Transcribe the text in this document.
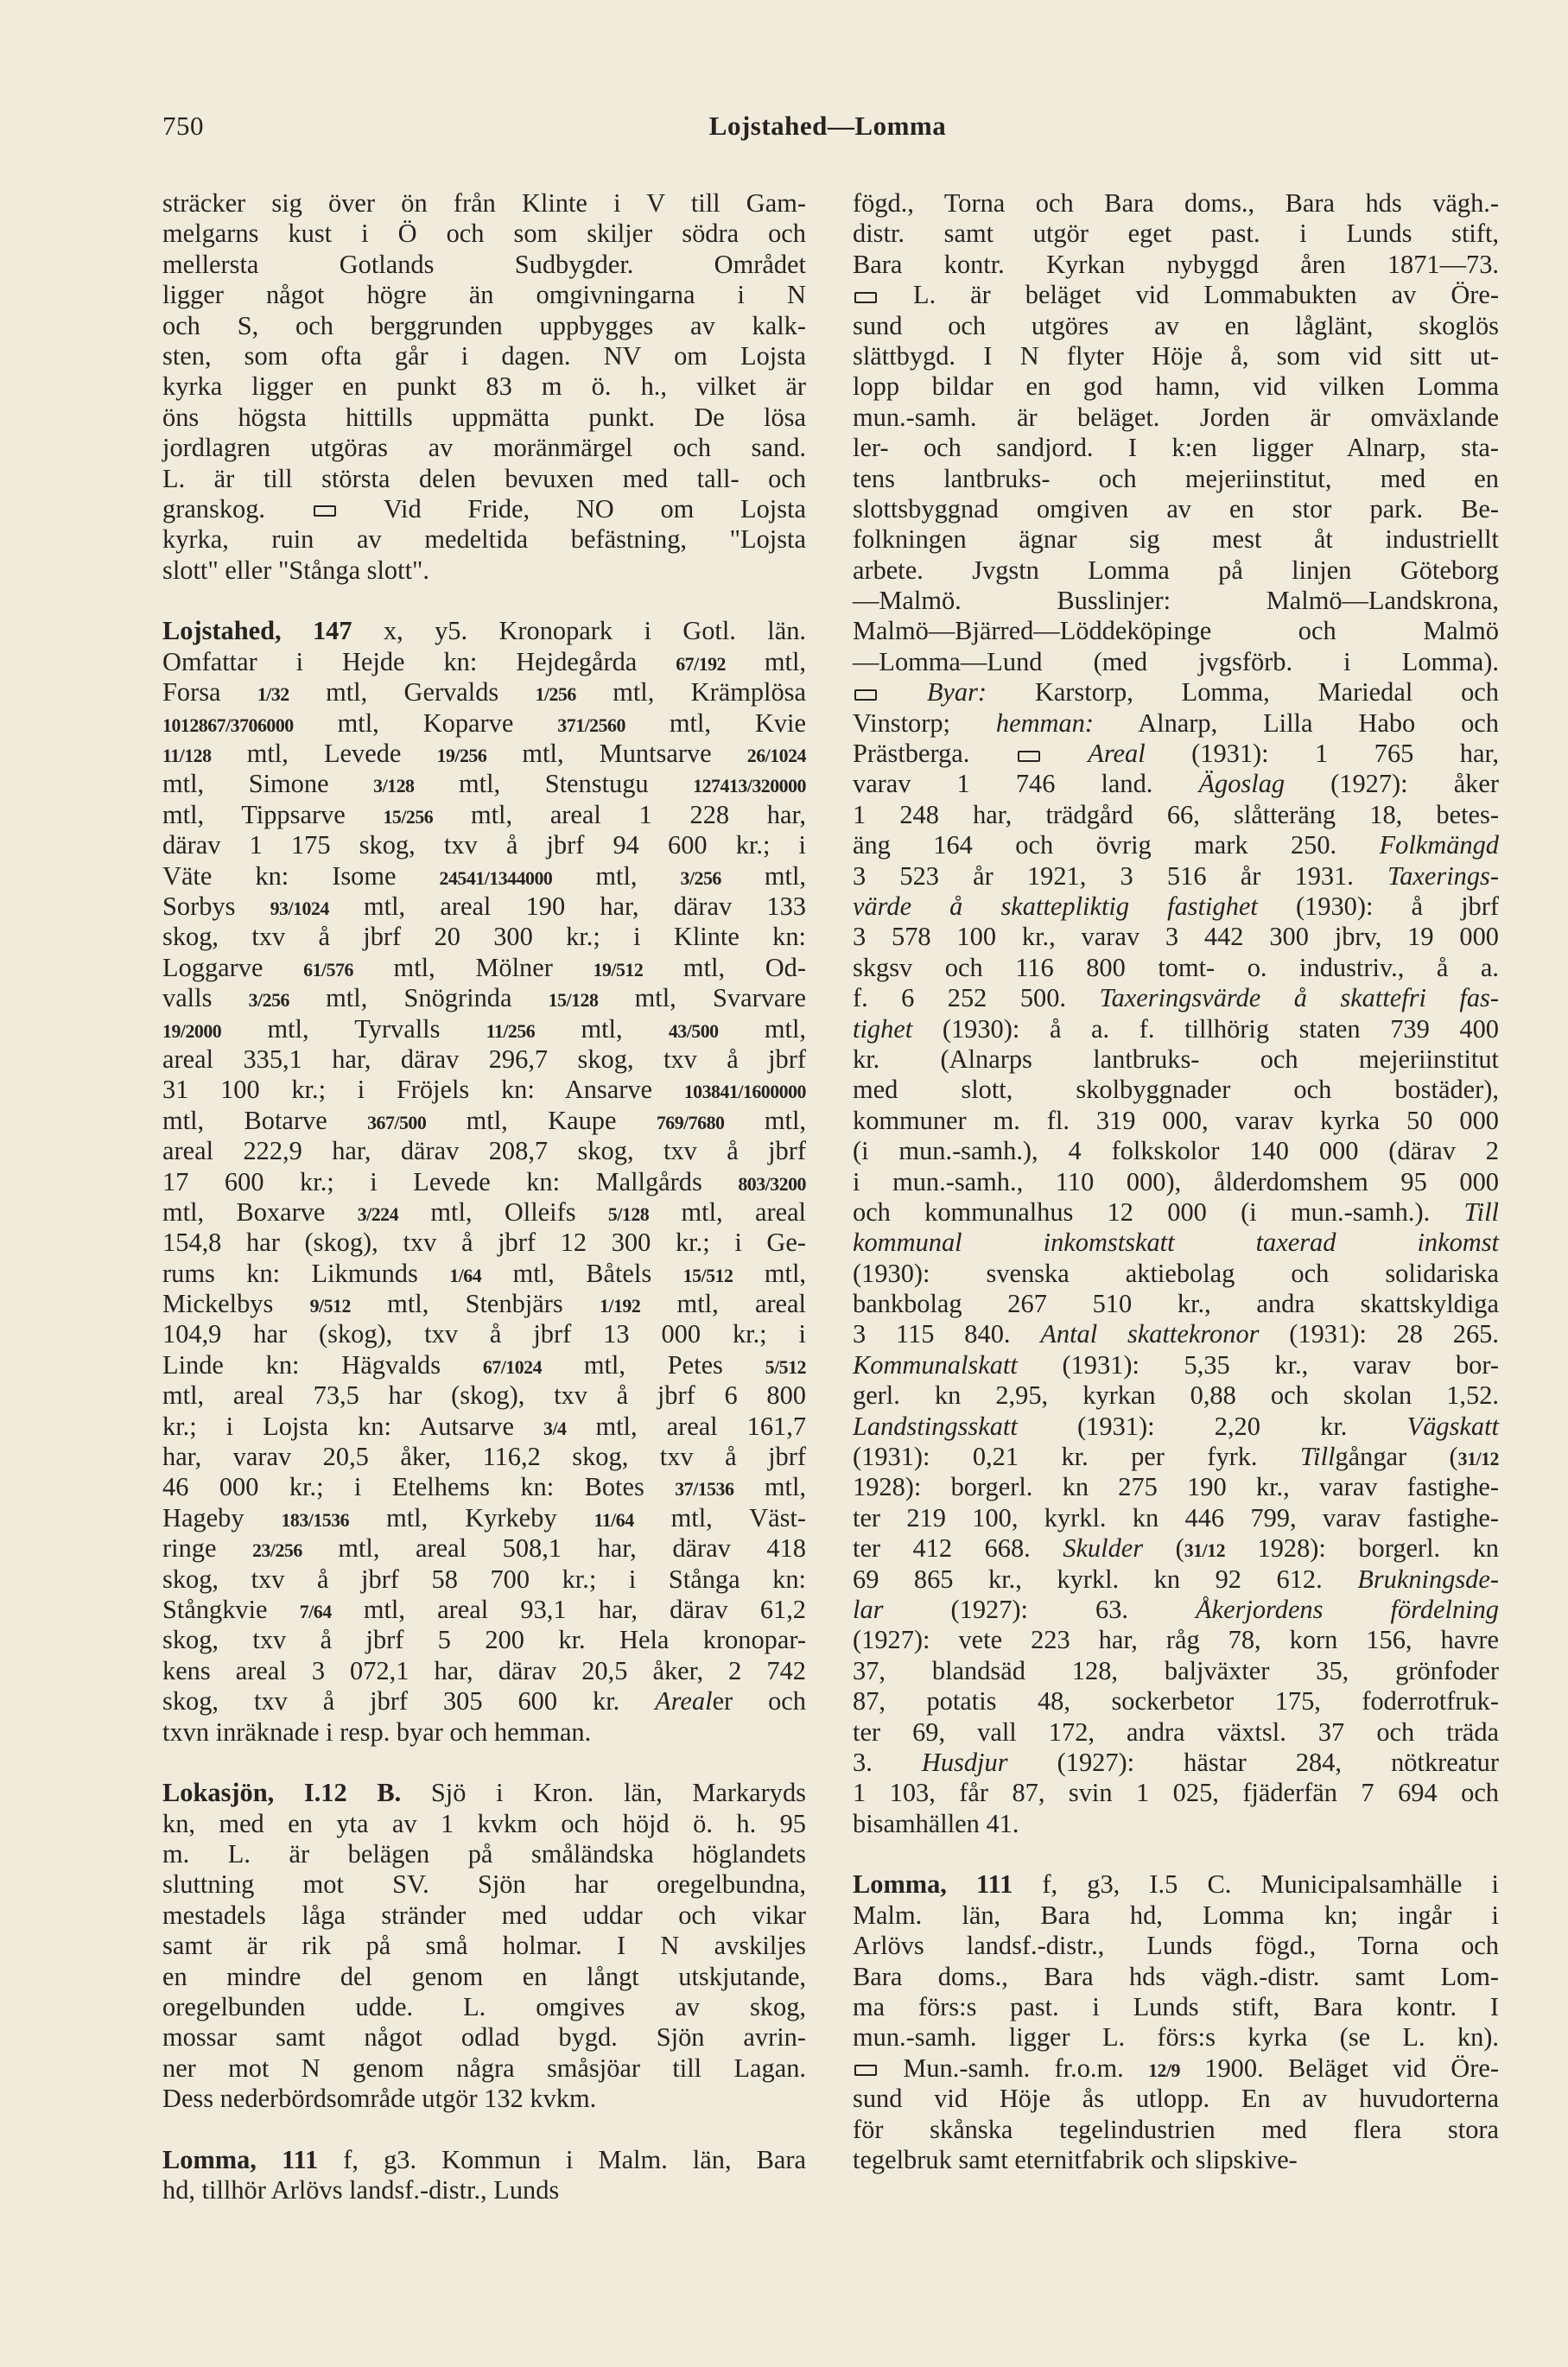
750	Lojstahed—Lomma
sträcker sig över ön från Klinte i V till Gam-
melgarns kust i Ö och som skiljer södra och
mellersta Gotlands Sudbygder. Området
ligger något högre än omgivningarna i N
och S, och berggrunden uppbygges av kalk-
sten, som ofta går i dagen. NV om Lojsta
kyrka ligger en punkt 83 m ö. h., vilket är
öns högsta hittills uppmätta punkt. De lösa
jordlagren utgöras av moränmärgel och sand.
L. är till största delen bevuxen med tall- och
granskog.  Vid Fride, NO om Lojsta
kyrka, ruin av medeltida befästning, "Lojsta
slott" eller "Stånga slott".
Lojstahed, 147 x, y5. Kronopark i Gotl. län.
Omfattar i Hejde kn: Hejdegårda 67/192 mtl,
Forsa 1/32 mtl, Gervalds 1/256 mtl, Krämplösa
1012867/3706000 mtl, Koparve 371/2560 mtl, Kvie
11/128 mtl, Levede 19/256 mtl, Muntsarve 26/1024
mtl, Simone 3/128 mtl, Stenstugu 127413/320000
mtl, Tippsarve 15/256 mtl, areal 1 228 har,
därav 1 175 skog, txv å jbrf 94 600 kr.; i
Väte kn: Isome 24541/1344000 mtl, 3/256 mtl,
Sorbys 93/1024 mtl, areal 190 har, därav 133
skog, txv å jbrf 20 300 kr.; i Klinte kn:
Loggarve 61/576 mtl, Mölner 19/512 mtl, Od-
valls 3/256 mtl, Snögrinda 15/128 mtl, Svarvare
19/2000 mtl, Tyrvalls 11/256 mtl, 43/500 mtl,
areal 335,1 har, därav 296,7 skog, txv å jbrf
31 100 kr.; i Fröjels kn: Ansarve 103841/1600000
mtl, Botarve 367/500 mtl, Kaupe 769/7680 mtl,
areal 222,9 har, därav 208,7 skog, txv å jbrf
17 600 kr.; i Levede kn: Mallgårds 803/3200
mtl, Boxarve 3/224 mtl, Olleifs 5/128 mtl, areal
154,8 har (skog), txv å jbrf 12 300 kr.; i Ge-
rums kn: Likmunds 1/64 mtl, Båtels 15/512 mtl,
Mickelbys 9/512 mtl, Stenbjärs 1/192 mtl, areal
104,9 har (skog), txv å jbrf 13 000 kr.; i
Linde kn: Hägvalds 67/1024 mtl, Petes 5/512
mtl, areal 73,5 har (skog), txv å jbrf 6 800
kr.; i Lojsta kn: Autsarve 3/4 mtl, areal 161,7
har, varav 20,5 åker, 116,2 skog, txv å jbrf
46 000 kr.; i Etelhems kn: Botes 37/1536 mtl,
Hageby 183/1536 mtl, Kyrkeby 11/64 mtl, Väst-
ringe 23/256 mtl, areal 508,1 har, därav 418
skog, txv å jbrf 58 700 kr.; i Stånga kn:
Stångkvie 7/64 mtl, areal 93,1 har, därav 61,2
skog, txv å jbrf 5 200 kr. Hela kronopar-
kens areal 3 072,1 har, därav 20,5 åker, 2 742
skog, txv å jbrf 305 600 kr. Arealer och
txvn inräknade i resp. byar och hemman.
Lokasjön, I.12 B. Sjö i Kron. län, Markaryds
kn, med en yta av 1 kvkm och höjd ö. h. 95
m. L. är belägen på småländska höglandets
sluttning mot SV. Sjön har oregelbundna,
mestadels låga stränder med uddar och vikar
samt är rik på små holmar. I N avskiljes
en mindre del genom en långt utskjutande,
oregelbunden udde. L. omgives av skog,
mossar samt något odlad bygd. Sjön avrin-
ner mot N genom några småsjöar till Lagan.
Dess nederbördsområde utgör 132 kvkm.
Lomma, 111 f, g3. Kommun i Malm. län, Bara
hd, tillhör Arlövs landsf.-distr., Lunds
fögd., Torna och Bara doms., Bara hds vägh.-
distr. samt utgör eget past. i Lunds stift,
Bara kontr. Kyrkan nybyggd åren 1871—73.
L. är beläget vid Lommabukten av Öre-
sund och utgöres av en låglänt, skoglös
slättbygd. I N flyter Höje å, som vid sitt ut-
lopp bildar en god hamn, vid vilken Lomma
mun.-samh. är beläget. Jorden är omväxlande
ler- och sandjord. I k:en ligger Alnarp, sta-
tens lantbruks- och mejeriinstitut, med en
slottsbyggnad omgiven av en stor park. Be-
folkningen ägnar sig mest åt industriellt
arbete. Jvgstn Lomma på linjen Göteborg
—Malmö. Busslinjer: Malmö—Landskrona,
Malmö—Bjärred—Löddeköpinge och Malmö
—Lomma—Lund (med jvgsförb. i Lomma).
Byar: Karstorp, Lomma, Mariedal och
Vinstorp; hemman: Alnarp, Lilla Habo och
Prästberga.	Areal (1931): 1 765 har,
varav 1 746 land. Ägoslag (1927): åker
1 248 har, trädgård 66, slåtteräng 18, betes-
äng 164 och övrig mark 250. Folkmängd
3 523 år 1921, 3 516 år 1931. Taxerings-
värde å skattepliktig fastighet (1930): å jbrf
3 578 100 kr., varav 3 442 300 jbrv, 19 000
skgsv och 116 800 tomt- o. industriv., å a.
f. 6 252 500. Taxeringsvärde å skattefri fas-
tighet (1930): å a. f. tillhörig staten 739 400
kr. (Alnarps lantbruks- och mejeriinstitut
med slott, skolbyggnader och bostäder),
kommuner m. fl. 319 000, varav kyrka 50 000
(i mun.-samh.), 4 folkskolor 140 000 (därav 2
i mun.-samh., 110 000), ålderdomshem 95 000
och kommunalhus 12 000 (i mun.-samh.). Till
kommunal inkomstskatt taxerad inkomst
(1930): svenska aktiebolag och solidariska
bankbolag 267 510 kr., andra skattskyldiga
3 115 840. Antal skattekronor (1931): 28 265.
Kommunalskatt (1931): 5,35 kr., varav bor-
gerl. kn 2,95, kyrkan 0,88 och skolan 1,52.
Landstingsskatt (1931): 2,20 kr. Vägskatt
(1931): 0,21 kr. per fyrk. Tillgångar (31/12
1928): borgerl. kn 275 190 kr., varav fastighe-
ter 219 100, kyrkl. kn 446 799, varav fastighe-
ter 412 668. Skulder (31/12 1928): borgerl. kn
69 865 kr., kyrkl. kn 92 612. Brukningsde-
lar (1927): 63. Åkerjordens fördelning
(1927): vete 223 har, råg 78, korn 156, havre
37, blandsäd 128, baljväxter 35, grönfoder
87, potatis 48, sockerbetor 175, foderrotfruk-
ter 69, vall 172, andra växtsl. 37 och träda
3. Husdjur (1927): hästar 284, nötkreatur
1 103, får 87, svin 1 025, fjäderfän 7 694 och
bisamhällen 41.
Lomma, 111 f, g3, I.5 C. Municipalsamhälle i
Malm. län, Bara hd, Lomma kn; ingår i
Arlövs landsf.-distr., Lunds fögd., Torna och
Bara doms., Bara hds vägh.-distr. samt Lom-
ma förs:s past. i Lunds stift, Bara kontr. I
mun.-samh. ligger L. förs:s kyrka (se L. kn).
Mun.-samh. fr.o.m. 12/9 1900. Beläget vid Öre-
sund vid Höje ås utlopp. En av huvudorterna
för skånska tegelindustrien med flera stora
tegelbruk samt eternitfabrik och slipskive-
